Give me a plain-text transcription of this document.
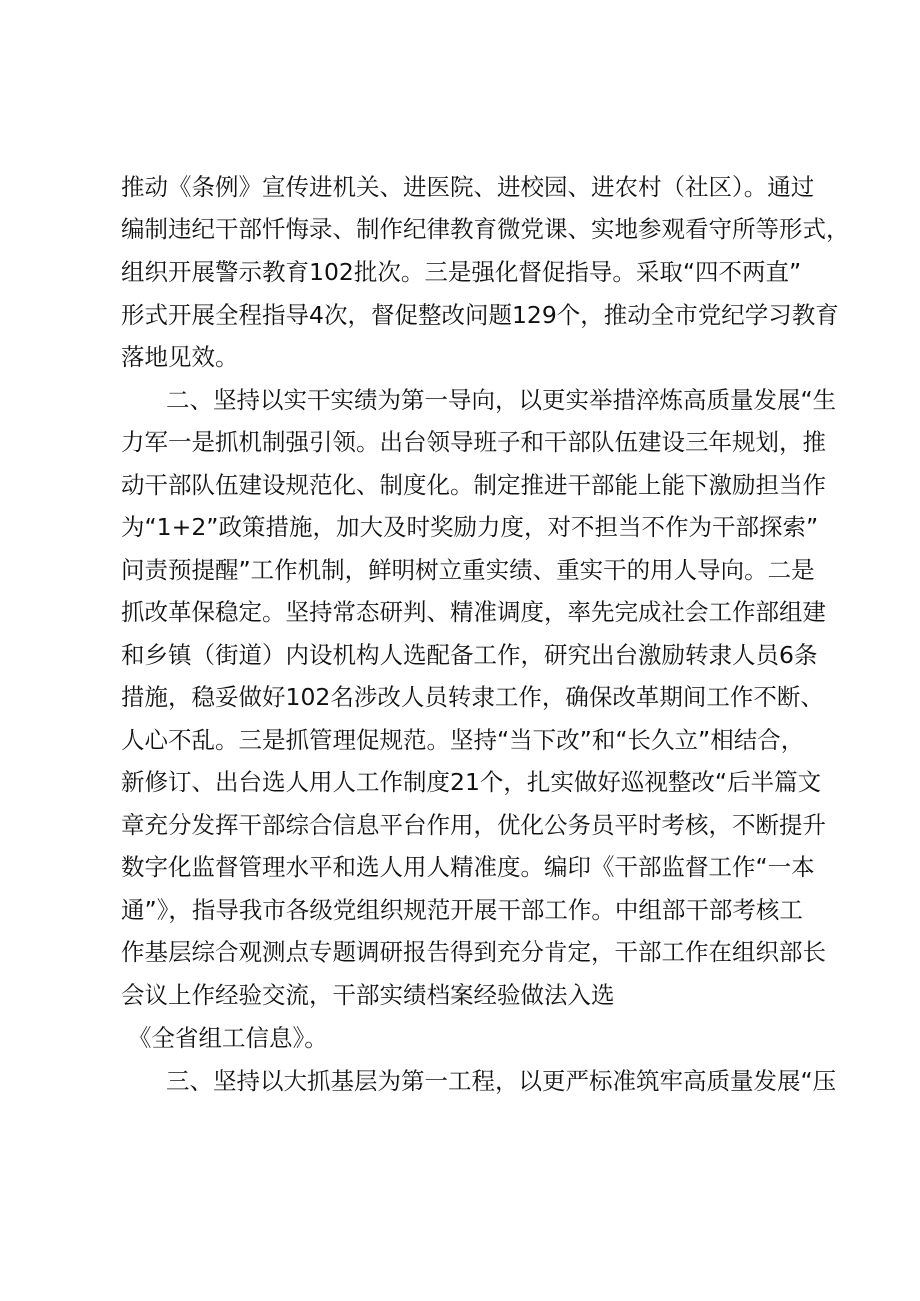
推动《条例》宣传进机关、进医院、进校园、进农村（社区）。通过
编制违纪干部忏悔录、制作纪律教育微党课、实地参观看守所等形式，
组织开展警示教育102批次。三是强化督促指导。采取“四不两直”
形式开展全程指导4次，督促整改问题129个，推动全市党纪学习教育
落地见效。
二、坚持以实干实绩为第一导向，以更实举措淬炼高质量发展“生
力军一是抓机制强引领。出台领导班子和干部队伍建设三年规划，推
动干部队伍建设规范化、制度化。制定推进干部能上能下激励担当作
为“1+2”政策措施，加大及时奖励力度，对不担当不作为干部探索”
问责预提醒”工作机制，鲜明树立重实绩、重实干的用人导向。二是
抓改革保稳定。坚持常态研判、精准调度，率先完成社会工作部组建
和乡镇（街道）内设机构人选配备工作，研究出台激励转隶人员6条
措施，稳妥做好102名涉改人员转隶工作，确保改革期间工作不断、
人心不乱。三是抓管理促规范。坚持“当下改”和“长久立”相结合，
新修订、出台选人用人工作制度21个，扎实做好巡视整改“后半篇文
章充分发挥干部综合信息平台作用，优化公务员平时考核，不断提升
数字化监督管理水平和选人用人精准度。编印《干部监督工作“一本
通”》，指导我市各级党组织规范开展干部工作。中组部干部考核工
作基层综合观测点专题调研报告得到充分肯定，干部工作在组织部长
会议上作经验交流，干部实绩档案经验做法入选
《全省组工信息》。
三、坚持以大抓基层为第一工程，以更严标准筑牢高质量发展“压
